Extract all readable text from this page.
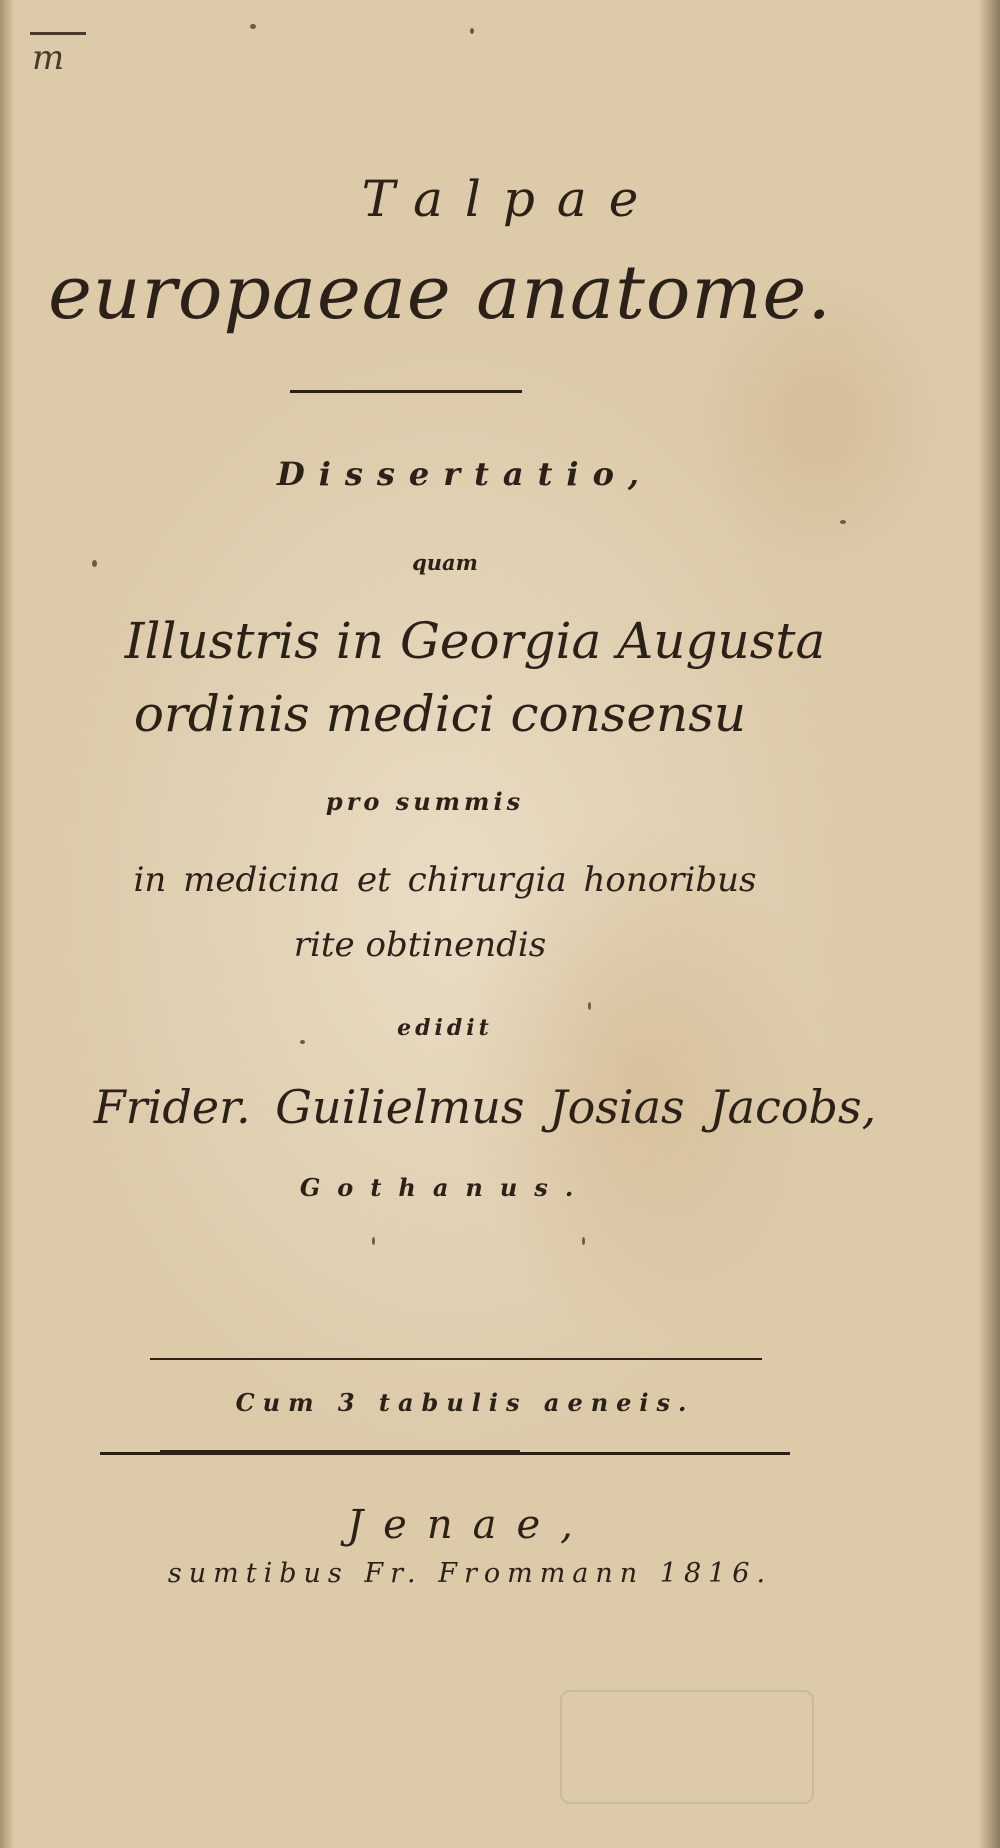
m
Talpae
europaeae anatome.
Dissertatio,
quam
Illustris in Georgia Augusta
ordinis medici consensu
pro summis
in medicina et chirurgia honoribus
rite obtinendis
edidit
Frider. Guilielmus Josias Jacobs,
Gothanus.
Cum 3 tabulis aeneis.
Jenae,
sumtibus Fr. Frommann 1816.
